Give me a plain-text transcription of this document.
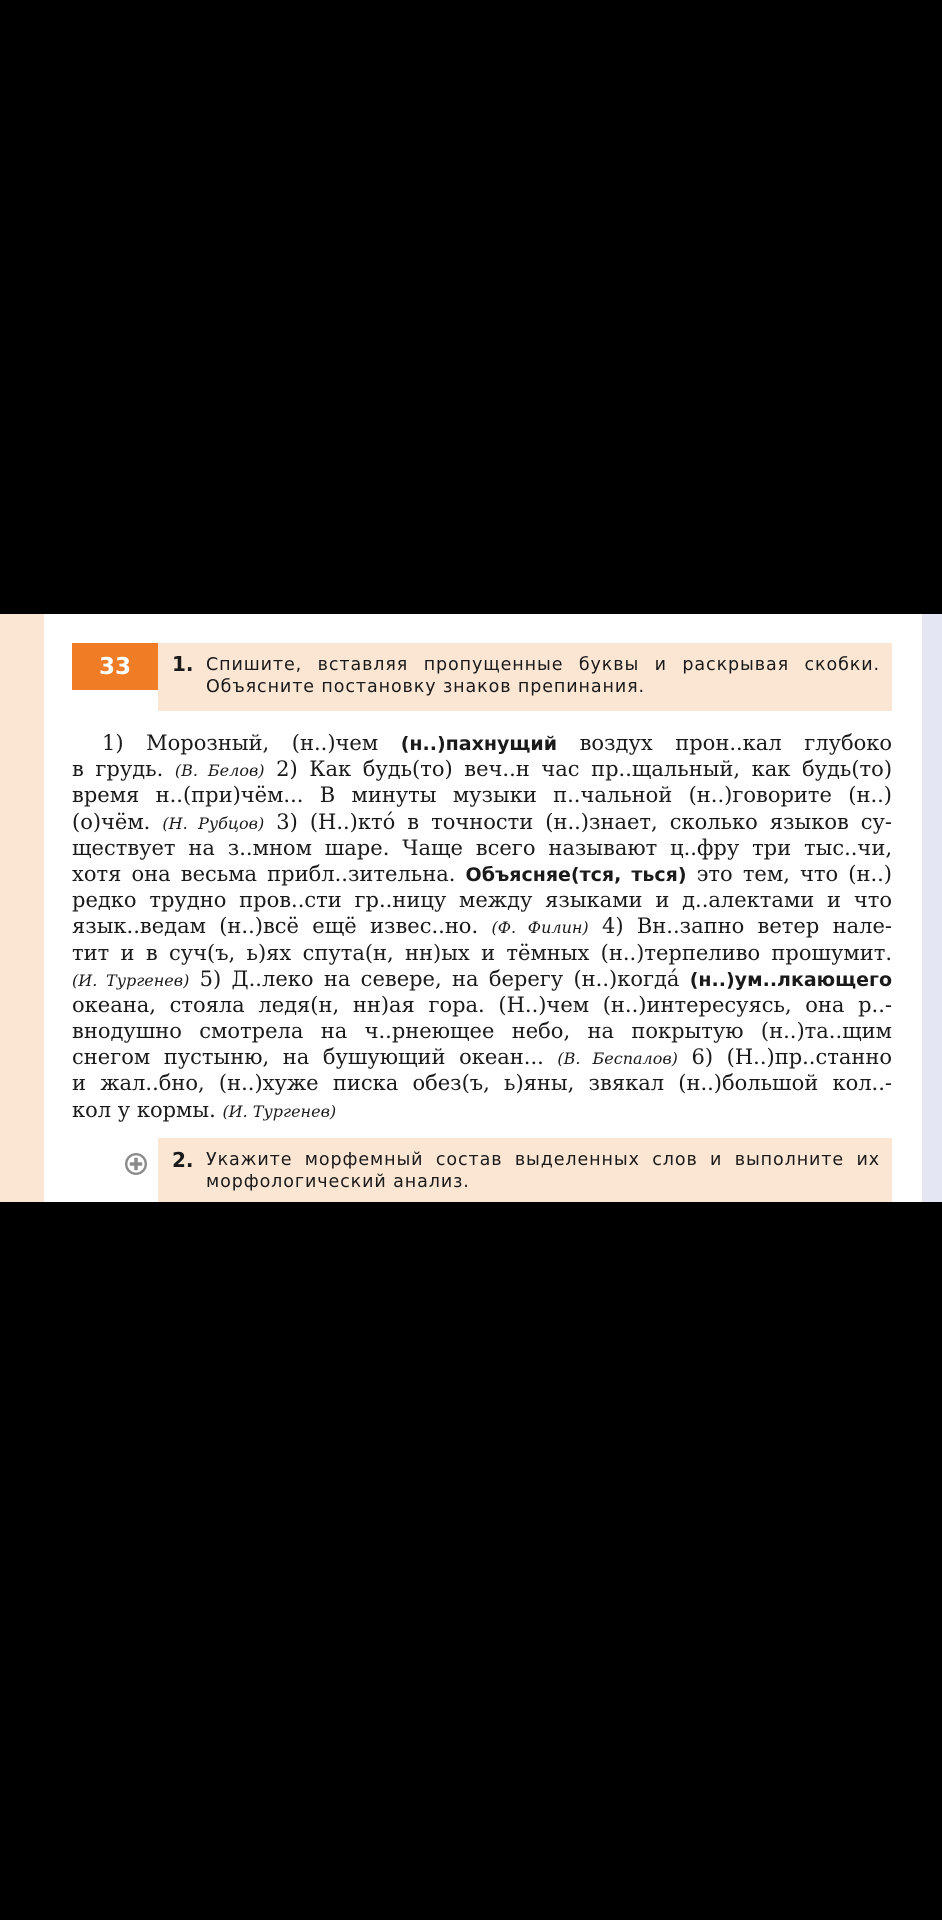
33 1. Спишите, вставляя пропущенные буквы и раскрывая скобки. Объясните постановку знаков препинания.
1) Морозный, (н..)чем (н..)пахнущий воздух прон..кал глубоко
в грудь. (В. Белов) 2) Как будь(то) веч..н час пр..щальный, как будь(то)
время н..(при)чём... В минуты музыки п..чальной (н..)говорите (н..)
(о)чём. (Н. Рубцов) 3) (Н..)кто́ в точности (н..)знает, сколько языков су-
ществует на з..мном шаре. Чаще всего называют ц..фру три тыс..чи,
хотя она весьма прибл..зительна. Объясняе(тся, ться) это тем, что (н..)
редко трудно пров..сти гр..ницу между языками и д..алектами и что
язык..ведам (н..)всё ещё извес..но. (Ф. Филин) 4) Вн..запно ветер нале-
тит и в суч(ъ, ь)ях спута(н, нн)ых и тёмных (н..)терпеливо прошумит.
(И. Тургенев) 5) Д..леко на севере, на берегу (н..)когда́ (н..)ум..лкающего
океана, стояла ледя(н, нн)ая гора. (Н..)чем (н..)интересуясь, она р..-
внодушно смотрела на ч..рнеющее небо, на покрытую (н..)та..щим
снегом пустыню, на бушующий океан... (В. Беспалов) 6) (Н..)пр..станно
и жал..бно, (н..)хуже писка обез(ъ, ь)яны, звякал (н..)большой кол..-
кол у кормы. (И. Тургенев)
2. Укажите морфемный состав выделенных слов и выполните их морфологический анализ.
